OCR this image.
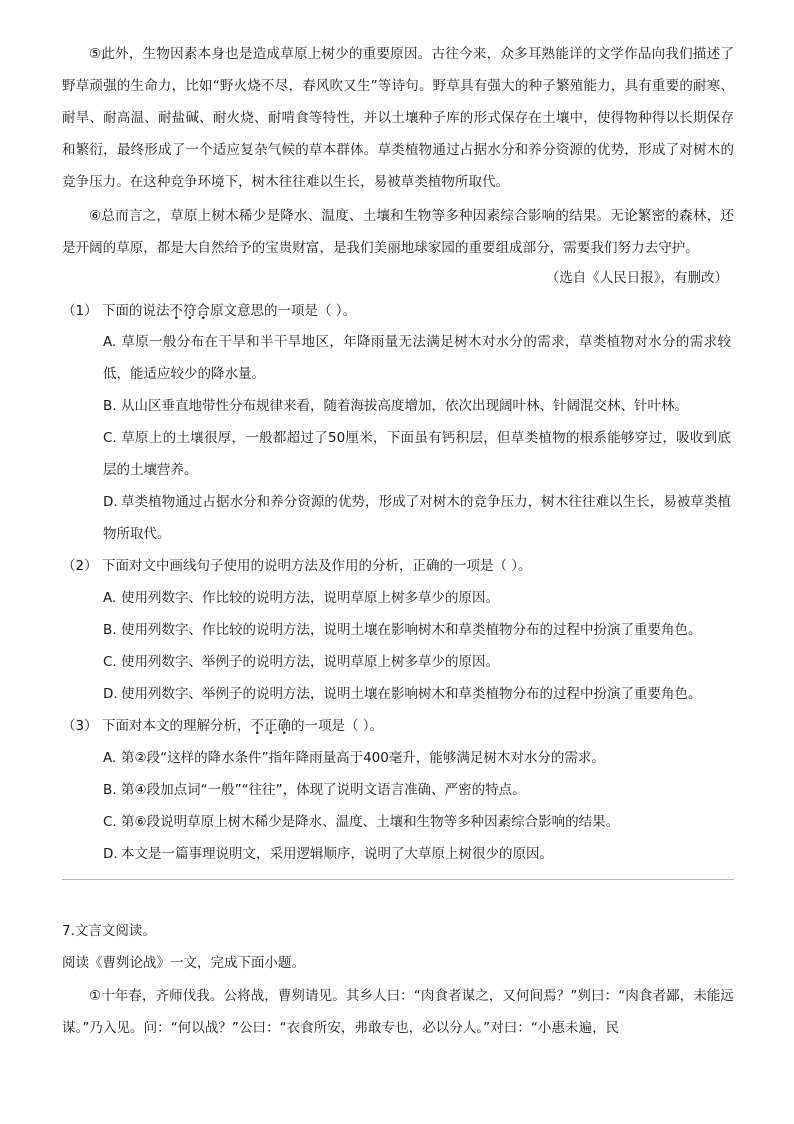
⑤此外，生物因素本身也是造成草原上树少的重要原因。古往今来，众多耳熟能详的文学作品向我们描述了野草顽强的生命力，比如“野火烧不尽，春风吹又生”等诗句。野草具有强大的种子繁殖能力，具有重要的耐寒、耐旱、耐高温、耐盐碱、耐火烧、耐啃食等特性，并以土壤种子库的形式保存在土壤中，使得物种得以长期保存和繁衍，最终形成了一个适应复杂气候的草本群体。草类植物通过占据水分和养分资源的优势，形成了对树木的竞争压力。在这种竞争环境下，树木往往难以生长，易被草类植物所取代。
⑥总而言之，草原上树木稀少是降水、温度、土壤和生物等多种因素综合影响的结果。无论繁密的森林，还是开阔的草原，都是大自然给予的宝贵财富，是我们美丽地球家园的重要组成部分，需要我们努力去守护。
（选自《人民日报》，有删改）
（1） 下面的说法不符合原文意思的一项是（ ）。
A. 草原一般分布在干旱和半干旱地区，年降雨量无法满足树木对水分的需求，草类植物对水分的需求较低，能适应较少的降水量。
B. 从山区垂直地带性分布规律来看，随着海拔高度增加，依次出现阔叶林、针阔混交林、针叶林。
C. 草原上的土壤很厚，一般都超过了50厘米，下面虽有钙积层，但草类植物的根系能够穿过，吸收到底层的土壤营养。
D. 草类植物通过占据水分和养分资源的优势，形成了对树木的竞争压力，树木往往难以生长，易被草类植物所取代。
（2） 下面对文中画线句子使用的说明方法及作用的分析，正确的一项是（ ）。
A. 使用列数字、作比较的说明方法，说明草原上树多草少的原因。
B. 使用列数字、作比较的说明方法，说明土壤在影响树木和草类植物分布的过程中扮演了重要角色。
C. 使用列数字、举例子的说明方法，说明草原上树多草少的原因。
D. 使用列数字、举例子的说明方法，说明土壤在影响树木和草类植物分布的过程中扮演了重要角色。
（3） 下面对本文的理解分析，不正确的一项是（ ）。
A. 第②段“这样的降水条件”指年降雨量高于400毫升，能够满足树木对水分的需求。
B. 第④段加点词“一般”“往往”，体现了说明文语言准确、严密的特点。
C. 第⑥段说明草原上树木稀少是降水、温度、土壤和生物等多种因素综合影响的结果。
D. 本文是一篇事理说明文，采用逻辑顺序，说明了大草原上树很少的原因。
7.文言文阅读。
阅读《曹刿论战》一文，完成下面小题。
①十年春，齐师伐我。公将战，曹刿请见。其乡人曰：“肉食者谋之，又何间焉？”刿曰：“肉食者鄙，未能远谋。”乃入见。问：“何以战？”公曰：“衣食所安，弗敢专也，必以分人。”对曰：“小惠未遍，民
